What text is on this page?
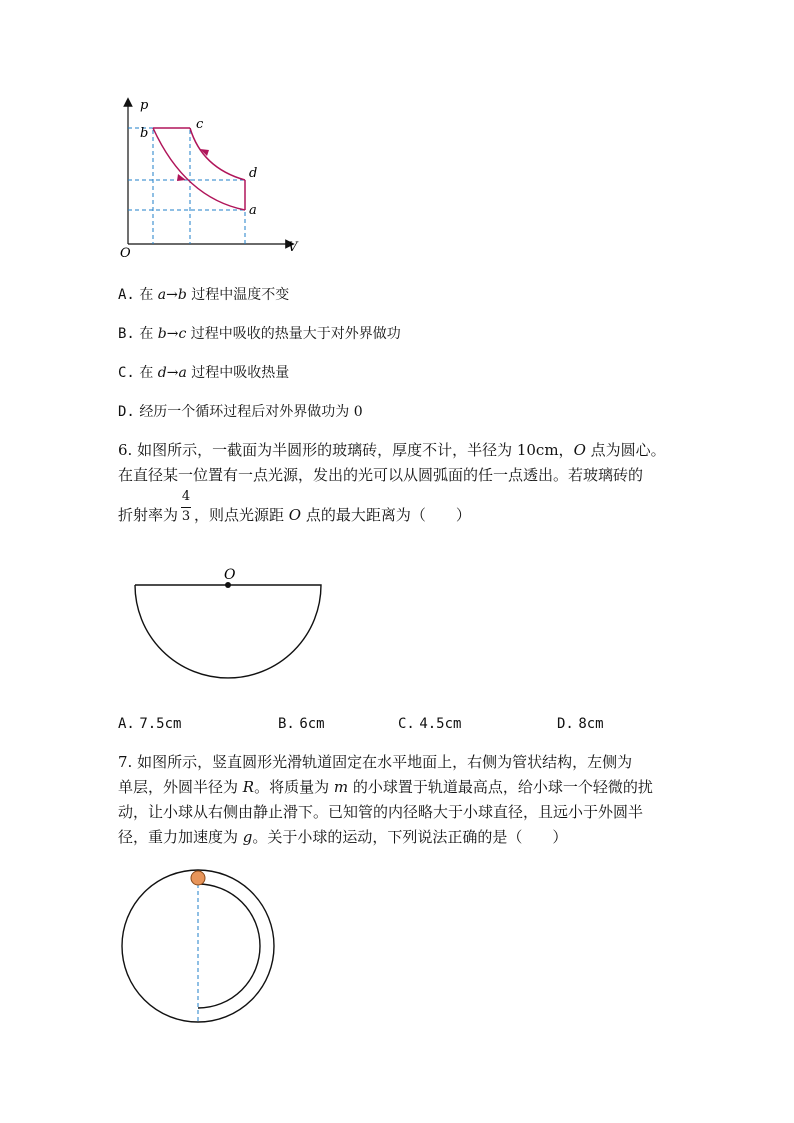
p
V
O
b
c
d
a
A. 在 a→b 过程中温度不变
B. 在 b→c 过程中吸收的热量大于对外界做功
C. 在 d→a 过程中吸收热量
D. 经历一个循环过程后对外界做功为 0
6. 如图所示，一截面为半圆形的玻璃砖，厚度不计，半径为 10cm，O 点为圆心。
在直径某一位置有一点光源，发出的光可以从圆弧面的任一点透出。若玻璃砖的
折射率为 $\frac{4}{3}$ ，则点光源距 O 点的最大距离为（　　）
O
A. 7.5cm	B. 6cm	C. 4.5cm	D. 8cm
7. 如图所示，竖直圆形光滑轨道固定在水平地面上，右侧为管状结构，左侧为
单层，外圆半径为 R。将质量为 m 的小球置于轨道最高点，给小球一个轻微的扰
动，让小球从右侧由静止滑下。已知管的内径略大于小球直径，且远小于外圆半
径，重力加速度为 g。关于小球的运动，下列说法正确的是（　　）
